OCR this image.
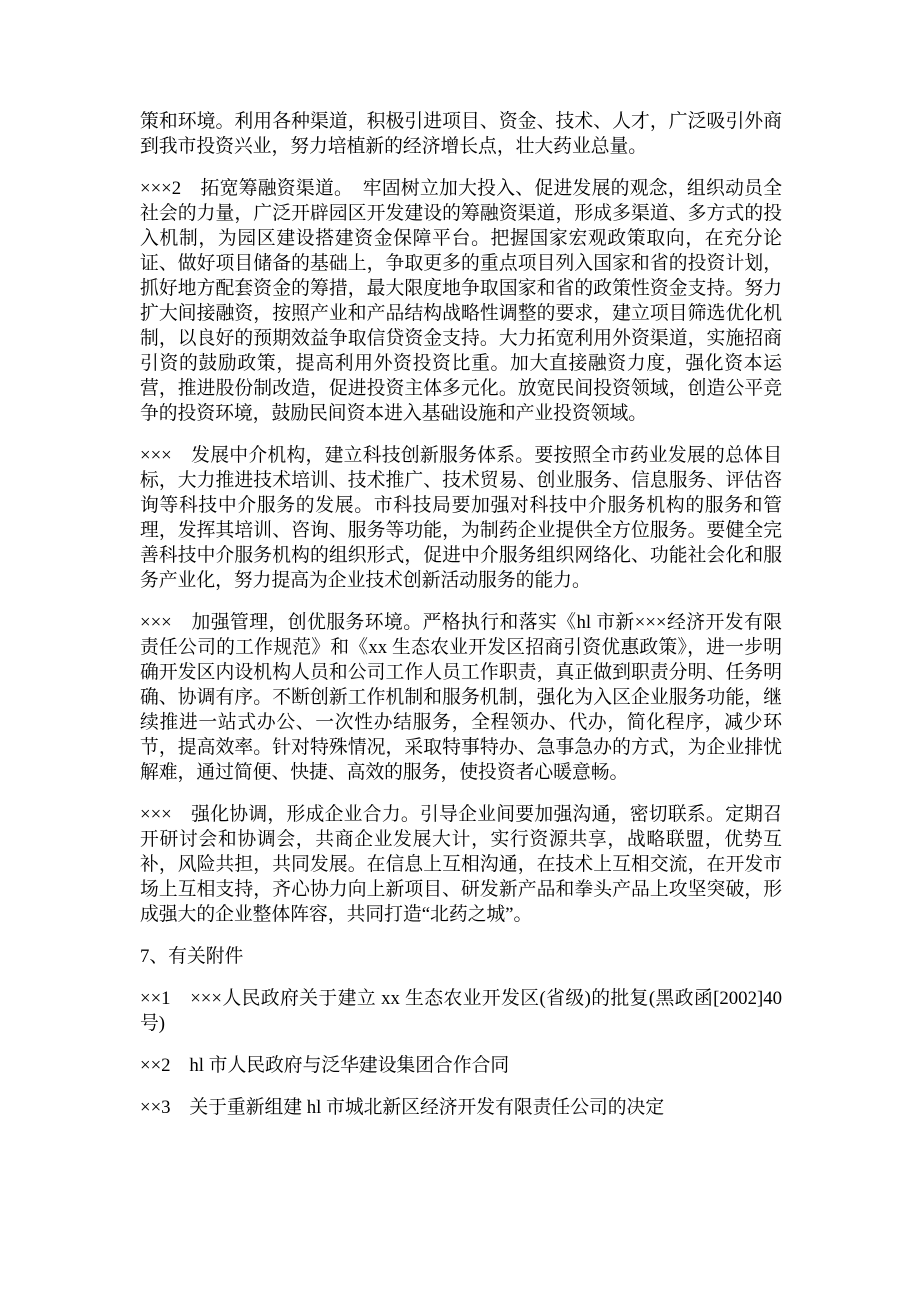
策和环境。利用各种渠道，积极引进项目、资金、技术、人才，广泛吸引外商到我市投资兴业，努力培植新的经济增长点，壮大药业总量。

×××2　拓宽筹融资渠道。　牢固树立加大投入、促进发展的观念，组织动员全社会的力量，广泛开辟园区开发建设的筹融资渠道，形成多渠道、多方式的投入机制，为园区建设搭建资金保障平台。把握国家宏观政策取向，在充分论证、做好项目储备的基础上，争取更多的重点项目列入国家和省的投资计划，抓好地方配套资金的筹措，最大限度地争取国家和省的政策性资金支持。努力扩大间接融资，按照产业和产品结构战略性调整的要求，建立项目筛选优化机制，以良好的预期效益争取信贷资金支持。大力拓宽利用外资渠道，实施招商引资的鼓励政策，提高利用外资投资比重。加大直接融资力度，强化资本运营，推进股份制改造，促进投资主体多元化。放宽民间投资领域，创造公平竞争的投资环境，鼓励民间资本进入基础设施和产业投资领域。

×××　发展中介机构，建立科技创新服务体系。要按照全市药业发展的总体目标，大力推进技术培训、技术推广、技术贸易、创业服务、信息服务、评估咨询等科技中介服务的发展。市科技局要加强对科技中介服务机构的服务和管理，发挥其培训、咨询、服务等功能，为制药企业提供全方位服务。要健全完善科技中介服务机构的组织形式，促进中介服务组织网络化、功能社会化和服务产业化，努力提高为企业技术创新活动服务的能力。

×××　加强管理，创优服务环境。严格执行和落实《hl 市新×××经济开发有限责任公司的工作规范》和《xx 生态农业开发区招商引资优惠政策》，进一步明确开发区内设机构人员和公司工作人员工作职责，真正做到职责分明、任务明确、协调有序。不断创新工作机制和服务机制，强化为入区企业服务功能，继续推进一站式办公、一次性办结服务，全程领办、代办，简化程序，减少环节，提高效率。针对特殊情况，采取特事特办、急事急办的方式，为企业排忧解难，通过简便、快捷、高效的服务，使投资者心暖意畅。

×××　强化协调，形成企业合力。引导企业间要加强沟通，密切联系。定期召开研讨会和协调会，共商企业发展大计，实行资源共享，战略联盟，优势互补，风险共担，共同发展。在信息上互相沟通，在技术上互相交流，在开发市场上互相支持，齐心协力向上新项目、研发新产品和拳头产品上攻坚突破，形成强大的企业整体阵容，共同打造“北药之城”。

7、有关附件

××1　×××人民政府关于建立 xx 生态农业开发区(省级)的批复(黑政函[2002]40 号)

××2　hl 市人民政府与泛华建设集团合作合同

××3　关于重新组建 hl 市城北新区经济开发有限责任公司的决定
